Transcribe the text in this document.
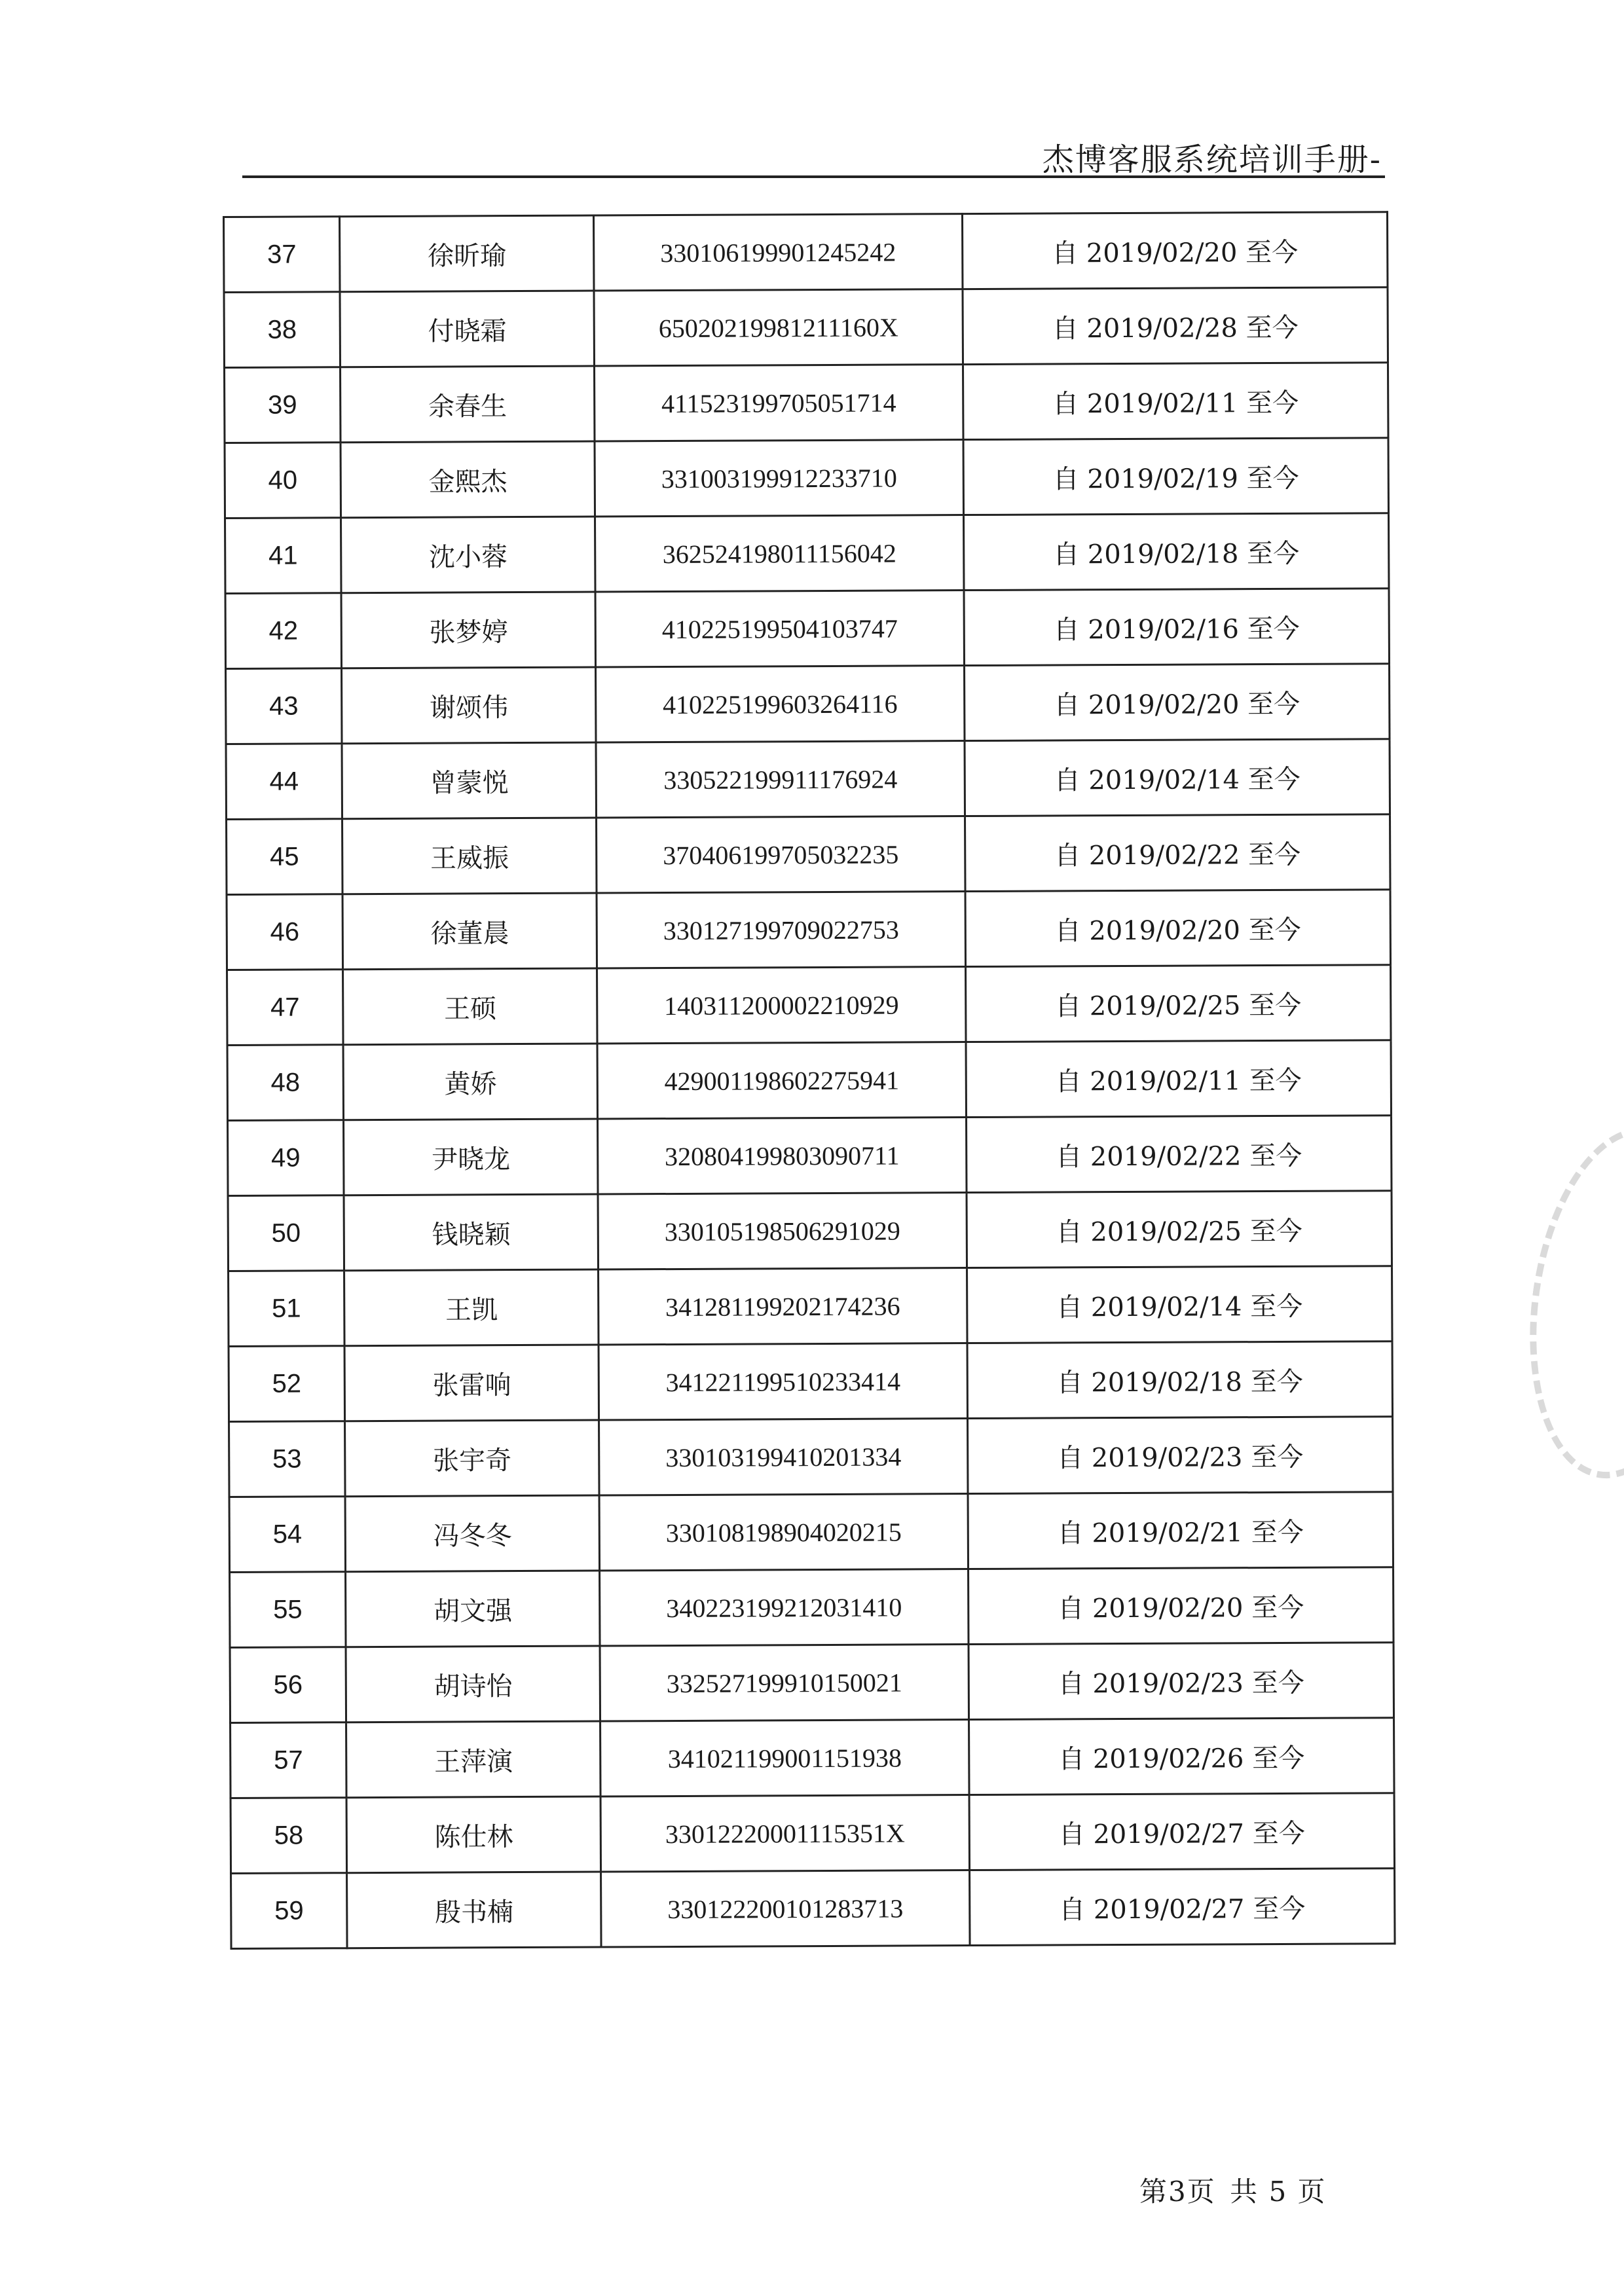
杰博客服系统培训手册-
37	徐昕瑜	330106199901245242	自 2019/02/20 至今
38	付晓霜	65020219981211160X	自 2019/02/28 至今
39	余春生	411523199705051714	自 2019/02/11 至今
40	金熙杰	331003199912233710	自 2019/02/19 至今
41	沈小蓉	362524198011156042	自 2019/02/18 至今
42	张梦婷	410225199504103747	自 2019/02/16 至今
43	谢颂伟	410225199603264116	自 2019/02/20 至今
44	曾蒙悦	330522199911176924	自 2019/02/14 至今
45	王威振	370406199705032235	自 2019/02/22 至今
46	徐董晨	330127199709022753	自 2019/02/20 至今
47	王硕	140311200002210929	自 2019/02/25 至今
48	黄娇	429001198602275941	自 2019/02/11 至今
49	尹晓龙	320804199803090711	自 2019/02/22 至今
50	钱晓颖	330105198506291029	自 2019/02/25 至今
51	王凯	341281199202174236	自 2019/02/14 至今
52	张雷响	341221199510233414	自 2019/02/18 至今
53	张宇奇	330103199410201334	自 2019/02/23 至今
54	冯冬冬	330108198904020215	自 2019/02/21 至今
55	胡文强	340223199212031410	自 2019/02/20 至今
56	胡诗怡	332527199910150021	自 2019/02/23 至今
57	王萍演	341021199001151938	自 2019/02/26 至今
58	陈仕林	33012220001115351X	自 2019/02/27 至今
59	殷书楠	330122200101283713	自 2019/02/27 至今
第3页 共 5 页
